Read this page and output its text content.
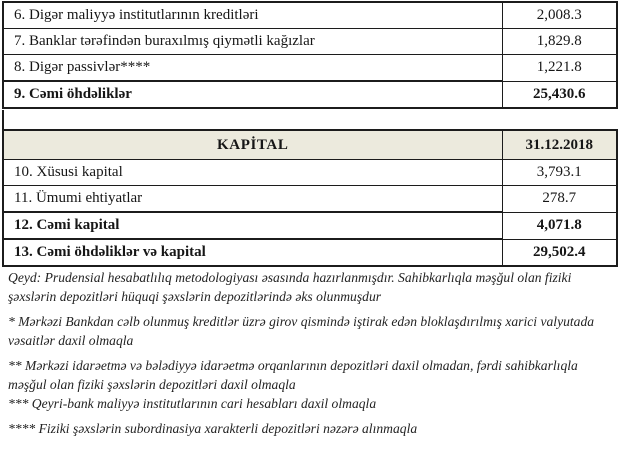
6. Digər maliyyə institutlarının kreditləri	2,008.3
7. Banklar tərəfindən buraxılmış qiymətli kağızlar	1,829.8
8. Digər passivlər****	1,221.8
9. Cəmi öhdəliklər	25,430.6
KAPİTAL	31.12.2018
10. Xüsusi kapital	3,793.1
11. Ümumi ehtiyatlar	278.7
12. Cəmi kapital	4,071.8
13. Cəmi öhdəliklər və kapital	29,502.4

Qeyd: Prudensial hesabatlılıq metodologiyası əsasında hazırlanmışdır. Sahibkarlıqla məşğul olan fiziki şəxslərin depozitləri hüquqi şəxslərin depozitlərində əks olunmuşdur

* Mərkəzi Bankdan cəlb olunmuş kreditlər üzrə girov qismində iştirak edən bloklaşdırılmış xarici valyutada vəsaitlər daxil olmaqla

** Mərkəzi idarəetmə və bələdiyyə idarəetmə orqanlarının depozitləri daxil olmadan, fərdi sahibkarlıqla məşğul olan fiziki şəxslərin depozitləri daxil olmaqla

*** Qeyri-bank maliyyə institutlarının cari hesabları daxil olmaqla

**** Fiziki şəxslərin subordinasiya xarakterli depozitləri nəzərə alınmaqla
